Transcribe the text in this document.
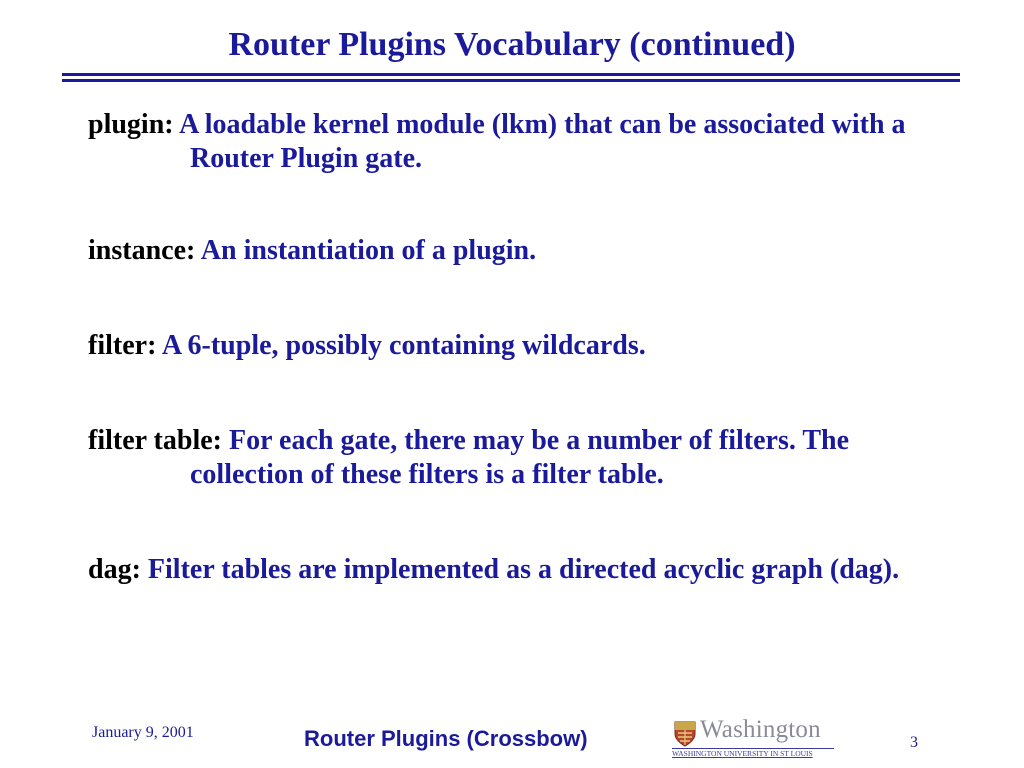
Router Plugins Vocabulary (continued)
plugin: A loadable kernel module (lkm) that can be associated with a Router Plugin gate.
instance: An instantiation of a plugin.
filter: A 6-tuple, possibly containing wildcards.
filter table: For each gate, there may be a number of filters. The collection of these filters is a filter table.
dag: Filter tables are implemented as a directed acyclic graph (dag).
January 9, 2001	Router Plugins (Crossbow)	Washington
WASHINGTON UNIVERSITY IN ST LOUIS
3
